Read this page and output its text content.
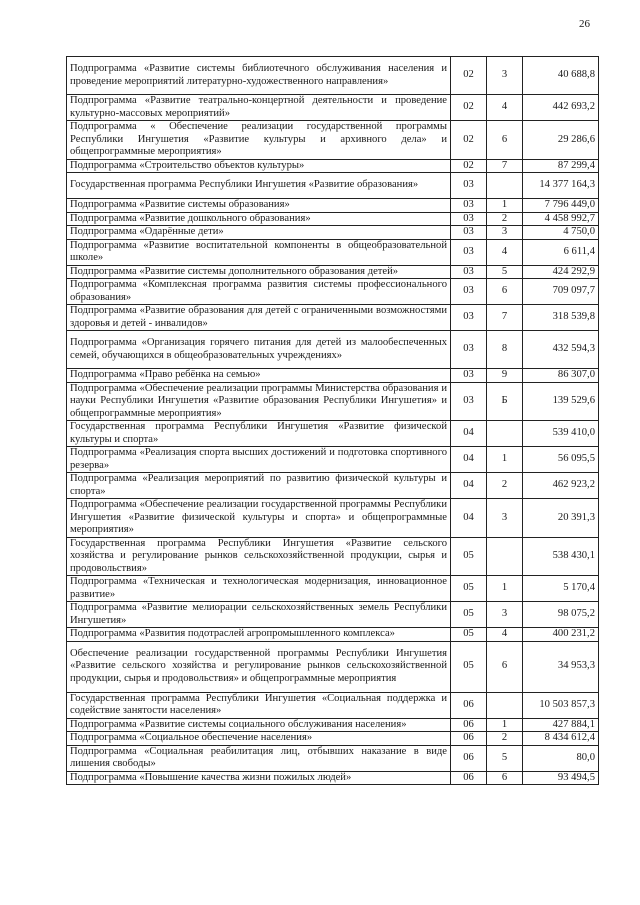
26
Подпрограмма «Развитие системы библиотечного обслуживания населения и проведение мероприятий литературно-художественного направления»	02	3	40 688,8
Подпрограмма «Развитие театрально-концертной деятельности и проведение культурно-массовых мероприятий»	02	4	442 693,2
Подпрограмма « Обеспечение реализации государственной программы Республики Ингушетия «Развитие культуры и архивного дела» и общепрограммные мероприятия»	02	6	29 286,6
Подпрограмма «Строительство объектов культуры»	02	7	87 299,4
Государственная программа Республики Ингушетия «Развитие образования»	03		14 377 164,3
Подпрограмма «Развитие системы образования»	03	1	7 796 449,0
Подпрограмма «Развитие дошкольного образования»	03	2	4 458 992,7
Подпрограмма «Одарённые дети»	03	3	4 750,0
Подпрограмма «Развитие воспитательной компоненты в общеобразовательной школе»	03	4	6 611,4
Подпрограмма «Развитие системы дополнительного образования детей»	03	5	424 292,9
Подпрограмма «Комплексная программа развития системы профессионального образования»	03	6	709 097,7
Подпрограмма «Развитие образования для детей с ограниченными возможностями здоровья и детей - инвалидов»	03	7	318 539,8
Подпрограмма «Организация горячего питания для детей из малообеспеченных семей, обучающихся в общеобразовательных учреждениях»	03	8	432 594,3
Подпрограмма «Право ребёнка на семью»	03	9	86 307,0
Подпрограмма «Обеспечение реализации программы Министерства образования и науки Республики Ингушетия «Развитие образования Республики Ингушетия» и общепрограммные мероприятия»	03	Б	139 529,6
Государственная программа Республики Ингушетия «Развитие физической культуры и спорта»	04		539 410,0
Подпрограмма «Реализация спорта высших достижений и подготовка спортивного резерва»	04	1	56 095,5
Подпрограмма «Реализация мероприятий по развитию физической культуры и спорта»	04	2	462 923,2
Подпрограмма «Обеспечение реализации государственной программы Республики Ингушетия «Развитие физической культуры и спорта» и общепрограммные мероприятия»	04	3	20 391,3
Государственная программа Республики Ингушетия «Развитие сельского хозяйства и регулирование рынков сельскохозяйственной продукции, сырья и продовольствия»	05		538 430,1
Подпрограмма «Техническая и технологическая модернизация, инновационное развитие»	05	1	5 170,4
Подпрограмма «Развитие мелиорации сельскохозяйственных земель Республики Ингушетия»	05	3	98 075,2
Подпрограмма «Развития подотраслей агропромышленного комплекса»	05	4	400 231,2
Обеспечение реализации государственной программы Республики Ингушетия «Развитие сельского хозяйства и регулирование рынков сельскохозяйственной продукции, сырья и продовольствия» и общепрограммные мероприятия	05	6	34 953,3
Государственная программа Республики Ингушетия «Социальная поддержка и содействие занятости населения»	06		10 503 857,3
Подпрограмма «Развитие системы социального обслуживания населения»	06	1	427 884,1
Подпрограмма «Социальное обеспечение населения»	06	2	8 434 612,4
Подпрограмма «Социальная реабилитация лиц, отбывших наказание в виде лишения свободы»	06	5	80,0
Подпрограмма «Повышение качества жизни пожилых людей»	06	6	93 494,5
